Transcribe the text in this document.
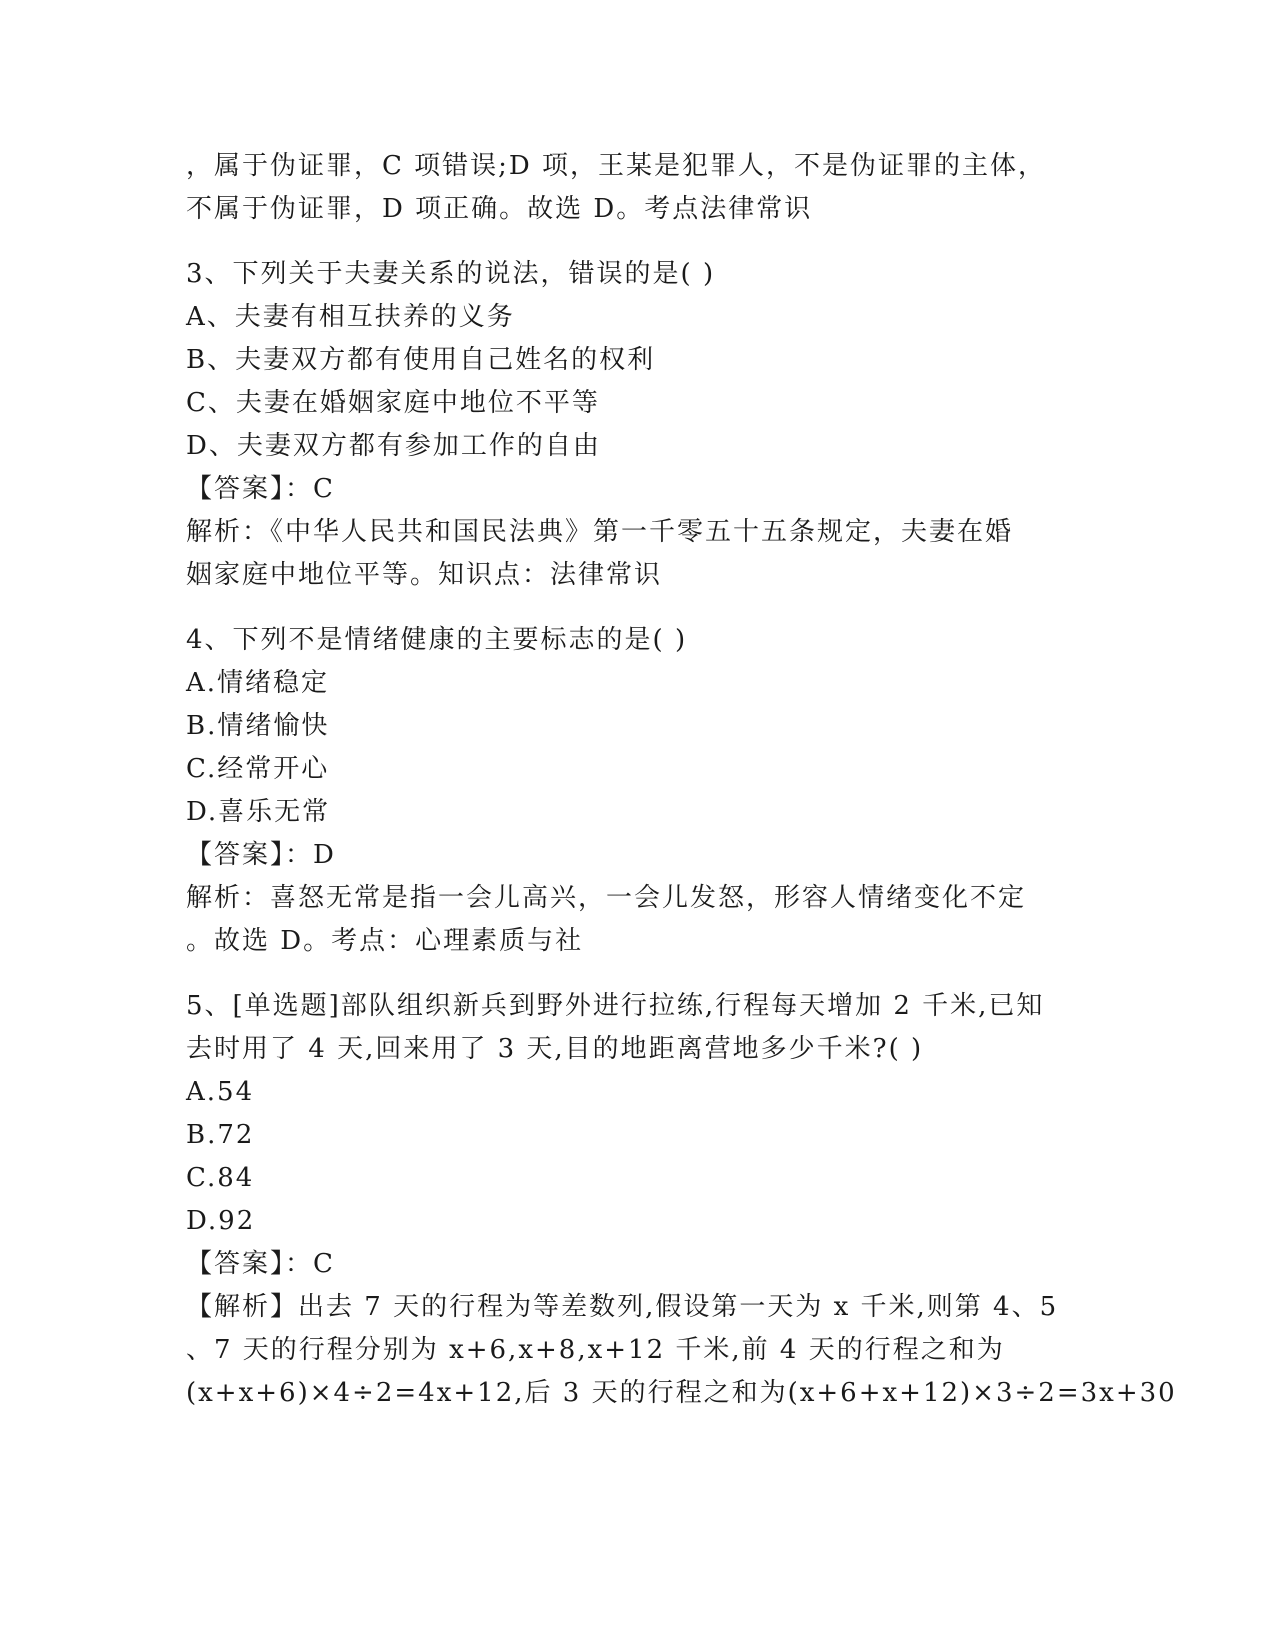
，属于伪证罪，C 项错误;D 项，王某是犯罪人，不是伪证罪的主体，
不属于伪证罪，D 项正确。故选 D。考点法律常识
3、下列关于夫妻关系的说法，错误的是( )
A、夫妻有相互扶养的义务
B、夫妻双方都有使用自己姓名的权利
C、夫妻在婚姻家庭中地位不平等
D、夫妻双方都有参加工作的自由
【答案】：C
解析：《中华人民共和国民法典》第一千零五十五条规定，夫妻在婚
姻家庭中地位平等。知识点：法律常识
4、下列不是情绪健康的主要标志的是( )
A.情绪稳定
B.情绪愉快
C.经常开心
D.喜乐无常
【答案】：D
解析：喜怒无常是指一会儿高兴，一会儿发怒，形容人情绪变化不定
。故选 D。考点：心理素质与社
5、[单选题]部队组织新兵到野外进行拉练,行程每天增加 2 千米,已知
去时用了 4 天,回来用了 3 天,目的地距离营地多少千米?( )
A.54
B.72
C.84
D.92
【答案】：C
【解析】出去 7 天的行程为等差数列,假设第一天为 x 千米,则第 4、5
、7 天的行程分别为 x+6,x+8,x+12 千米,前 4 天的行程之和为
(x+x+6)×4÷2=4x+12,后 3 天的行程之和为(x+6+x+12)×3÷2=3x+30
